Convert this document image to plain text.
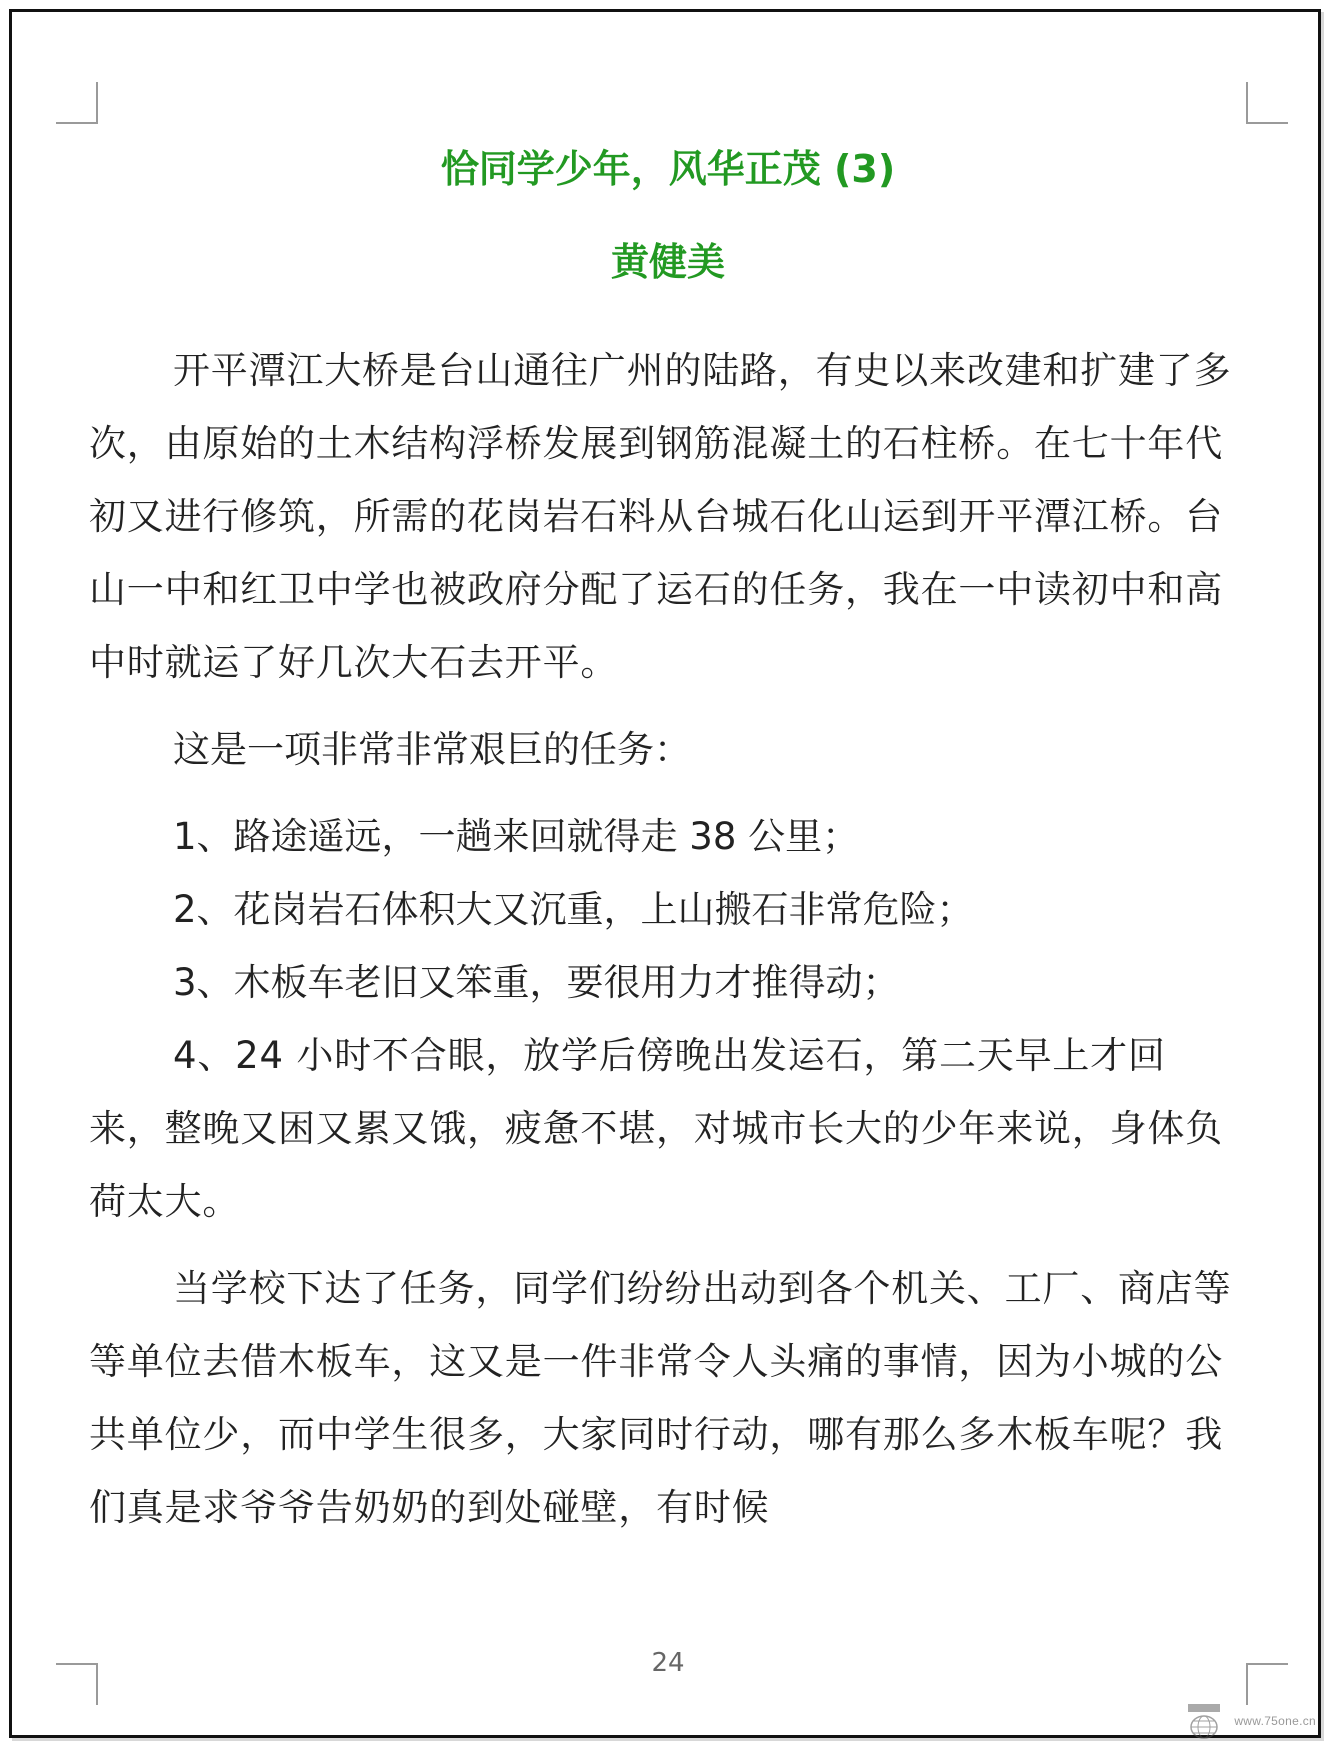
恰同学少年，风华正茂 (3)
黄健美

开平潭江大桥是台山通往广州的陆路，有史以来改建和扩建了多次，由原始的土木结构浮桥发展到钢筋混凝土的石柱桥。在七十年代初又进行修筑，所需的花岗岩石料从台城石化山运到开平潭江桥。台山一中和红卫中学也被政府分配了运石的任务，我在一中读初中和高中时就运了好几次大石去开平。

这是一项非常非常艰巨的任务：

1、路途遥远，一趟来回就得走 38 公里；

2、花岗岩石体积大又沉重，上山搬石非常危险；

3、木板车老旧又笨重，要很用力才推得动；

4、24 小时不合眼，放学后傍晚出发运石，第二天早上才回来，整晚又困又累又饿，疲惫不堪，对城市长大的少年来说，身体负荷太大。

当学校下达了任务，同学们纷纷出动到各个机关、工厂、商店等等单位去借木板车，这又是一件非常令人头痛的事情，因为小城的公共单位少，而中学生很多，大家同时行动，哪有那么多木板车呢？我们真是求爷爷告奶奶的到处碰壁，有时候

24
www.75one.cn
